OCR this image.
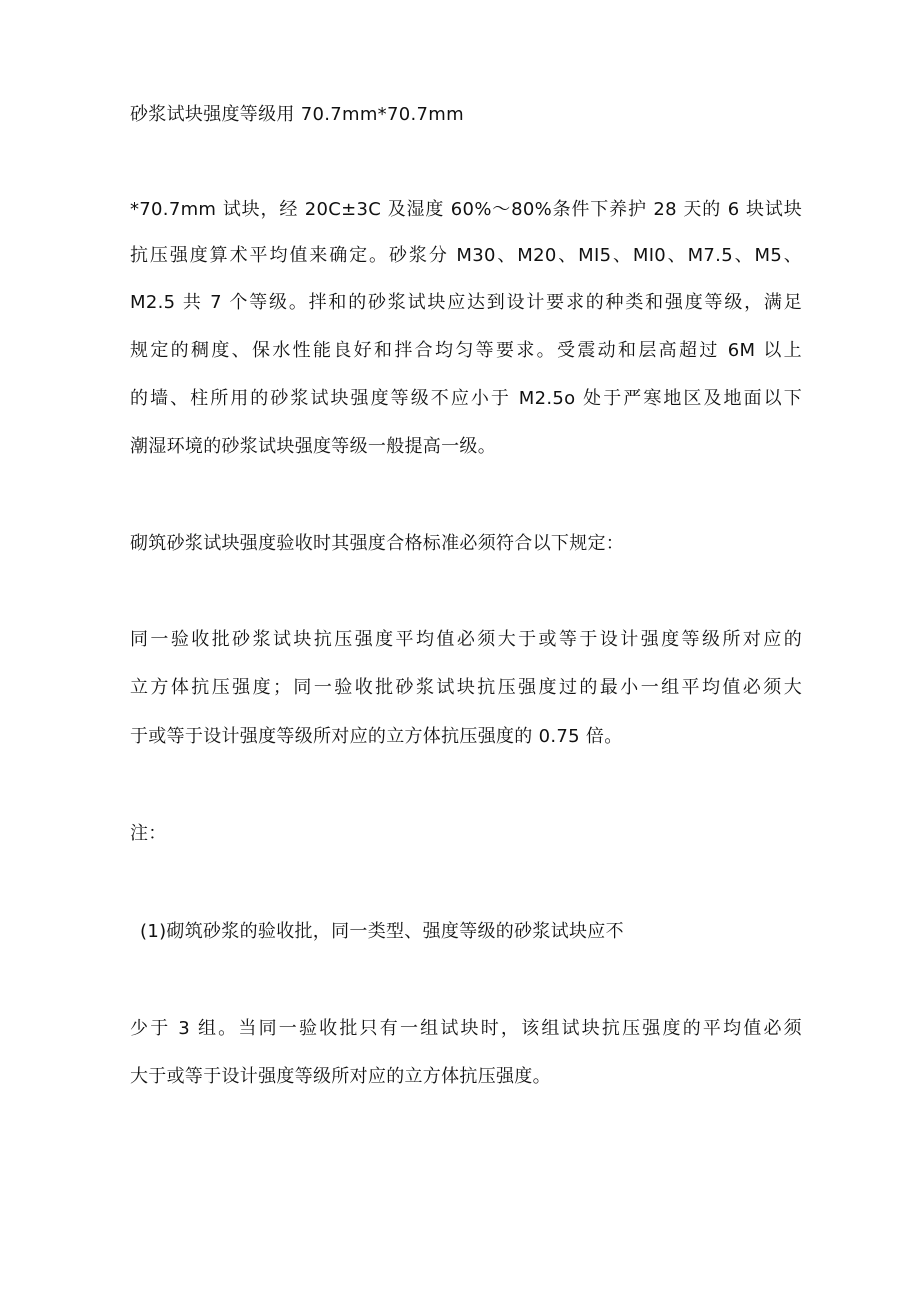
砂浆试块强度等级用 70.7mm*70.7mm
*70.7mm 试块，经 20C±3C 及湿度 60%～80%条件下养护 28 天的 6 块试块
抗压强度算术平均值来确定。砂浆分 M30、M20、MI5、MI0、M7.5、M5、
M2.5 共 7 个等级。拌和的砂浆试块应达到设计要求的种类和强度等级，满足
规定的稠度、保水性能良好和拌合均匀等要求。受震动和层高超过 6M 以上
的墙、柱所用的砂浆试块强度等级不应小于 M2.5o 处于严寒地区及地面以下
潮湿环境的砂浆试块强度等级一般提高一级。
砌筑砂浆试块强度验收时其强度合格标准必须符合以下规定：
同一验收批砂浆试块抗压强度平均值必须大于或等于设计强度等级所对应的
立方体抗压强度；同一验收批砂浆试块抗压强度过的最小一组平均值必须大
于或等于设计强度等级所对应的立方体抗压强度的 0.75 倍。
注：
(1)砌筑砂浆的验收批，同一类型、强度等级的砂浆试块应不
少于 3 组。当同一验收批只有一组试块时，该组试块抗压强度的平均值必须
大于或等于设计强度等级所对应的立方体抗压强度。
